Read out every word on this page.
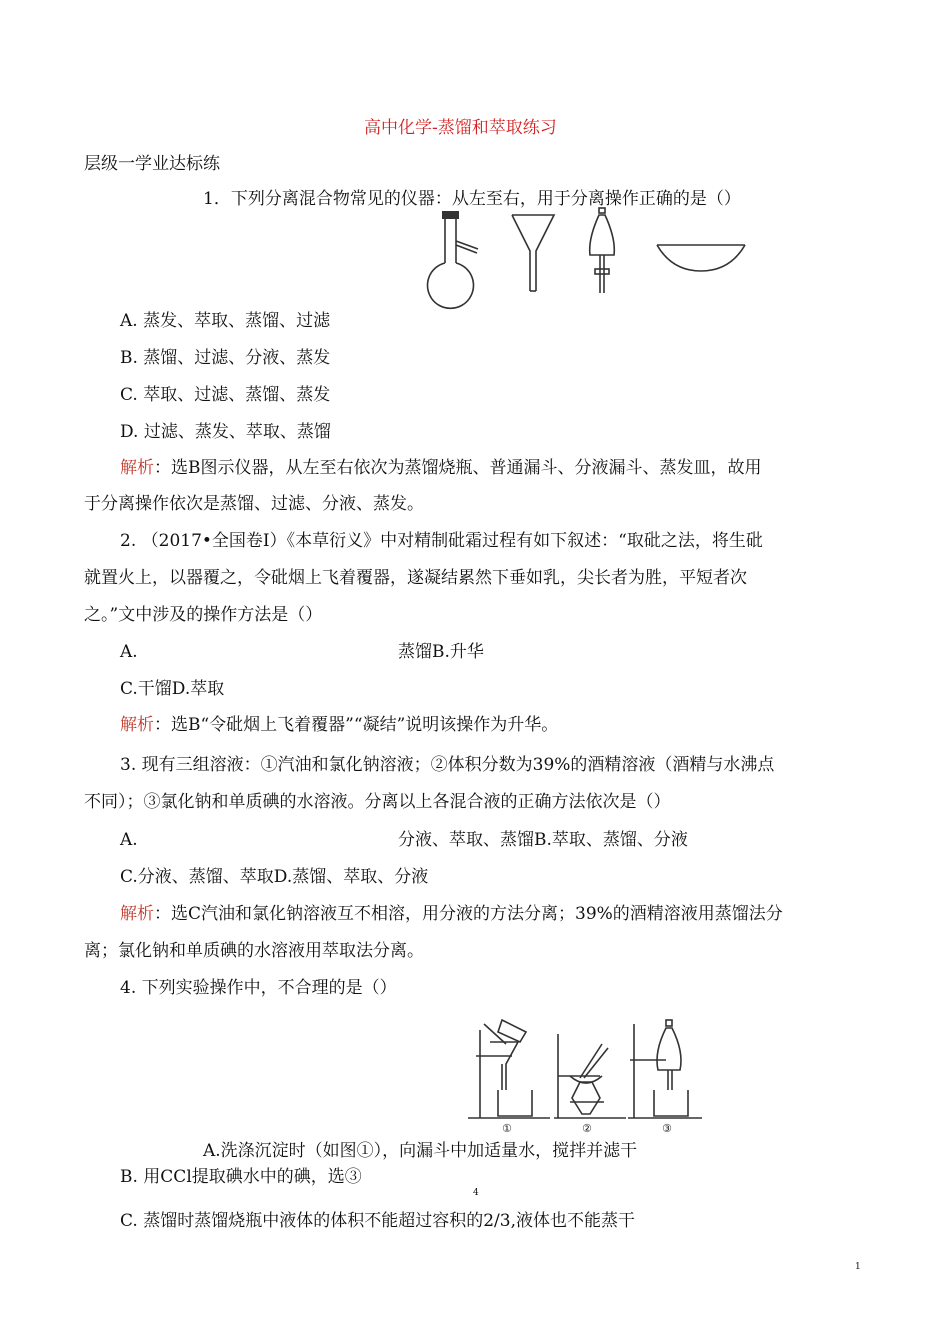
高中化学-蒸馏和萃取练习
层级一学业达标练
1．下列分离混合物常见的仪器：从左至右，用于分离操作正确的是（）
A. 蒸发、萃取、蒸馏、过滤
B. 蒸馏、过滤、分液、蒸发
C. 萃取、过滤、蒸馏、蒸发
D. 过滤、蒸发、萃取、蒸馏
解析：选B图示仪器，从左至右依次为蒸馏烧瓶、普通漏斗、分液漏斗、蒸发皿，故用
于分离操作依次是蒸馏、过滤、分液、蒸发。
2. （2017•全国卷I）《本草衍义》中对精制砒霜过程有如下叙述：“取砒之法，将生砒
就置火上，以器覆之，令砒烟上飞着覆器，遂凝结累然下垂如乳，尖长者为胜，平短者次
之。”文中涉及的操作方法是（）
A.	蒸馏B.升华
C.干馏D.萃取
解析：选B“令砒烟上飞着覆器”“凝结”说明该操作为升华。
3. 现有三组溶液：①汽油和氯化钠溶液；②体积分数为39%的酒精溶液（酒精与水沸点
不同）；③氯化钠和单质碘的水溶液。分离以上各混合液的正确方法依次是（）
A.	分液、萃取、蒸馏B.萃取、蒸馏、分液
C.分液、蒸馏、萃取D.蒸馏、萃取、分液
解析：选C汽油和氯化钠溶液互不相溶，用分液的方法分离；39%的酒精溶液用蒸馏法分
离；氯化钠和单质碘的水溶液用萃取法分离。
4. 下列实验操作中，不合理的是（）
①	②	③
A.洗涤沉淀时（如图①），向漏斗中加适量水，搅拌并滤干
B. 用CCl提取碘水中的碘，选③
4
C. 蒸馏时蒸馏烧瓶中液体的体积不能超过容积的2/3,液体也不能蒸干
1
